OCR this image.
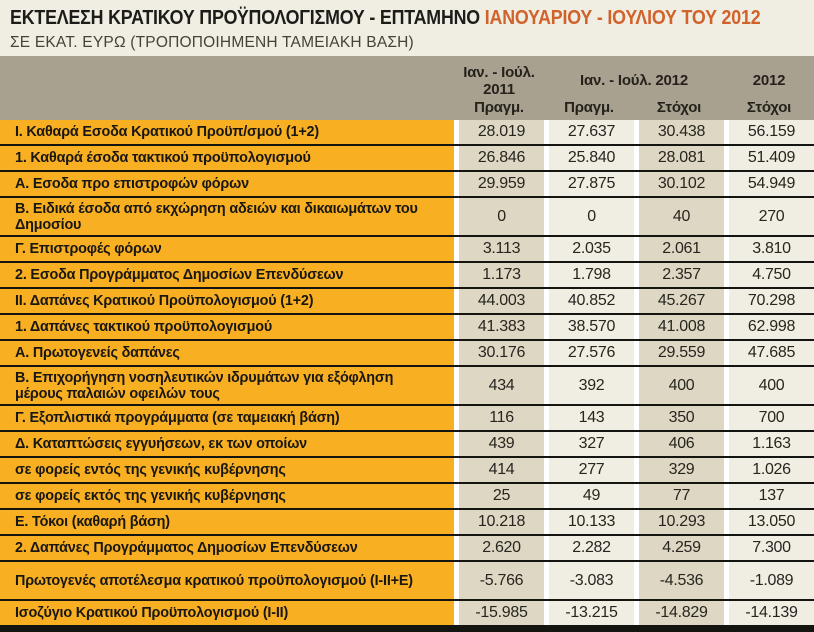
ΕΚΤΕΛΕΣΗ ΚΡΑΤΙΚΟΥ ΠΡΟΫΠΟΛΟΓΙΣΜΟΥ - ΕΠΤΑΜΗΝΟ ΙΑΝΟΥΑΡΙΟΥ - ΙΟΥΛΙΟΥ ΤΟΥ 2012
ΣΕ ΕΚΑΤ. ΕΥΡΩ (ΤΡΟΠΟΠΟΙΗΜΕΝΗ ΤΑΜΕΙΑΚΗ ΒΑΣΗ)
Ιαν. - Ιούλ. 2011	Ιαν. - Ιούλ. 2012	2012
Πραγμ.	Πραγμ.	Στόχοι	Στόχοι
Ι. Καθαρά Εσοδα Κρατικού Προϋπ/σμού (1+2)	28.019	27.637	30.438	56.159
1. Καθαρά έσοδα τακτικού προϋπολογισμού	26.846	25.840	28.081	51.409
Α. Εσοδα προ επιστροφών φόρων	29.959	27.875	30.102	54.949
Β. Ειδικά έσοδα από εκχώρηση αδειών και δικαιωμάτων του Δημοσίου	0	0	40	270
Γ. Επιστροφές φόρων	3.113	2.035	2.061	3.810
2. Εσοδα Προγράμματος Δημοσίων Επενδύσεων	1.173	1.798	2.357	4.750
ΙΙ. Δαπάνες Κρατικού Προϋπολογισμού (1+2)	44.003	40.852	45.267	70.298
1. Δαπάνες τακτικού προϋπολογισμού	41.383	38.570	41.008	62.998
Α. Πρωτογενείς δαπάνες	30.176	27.576	29.559	47.685
Β. Επιχορήγηση νοσηλευτικών ιδρυμάτων για εξόφληση μέρους παλαιών οφειλών τους	434	392	400	400
Γ. Εξοπλιστικά προγράμματα (σε ταμειακή βάση)	116	143	350	700
Δ. Καταπτώσεις εγγυήσεων, εκ των οποίων	439	327	406	1.163
σε φορείς εντός της γενικής κυβέρνησης	414	277	329	1.026
σε φορείς εκτός της γενικής κυβέρνησης	25	49	77	137
Ε. Τόκοι (καθαρή βάση)	10.218	10.133	10.293	13.050
2. Δαπάνες Προγράμματος Δημοσίων Επενδύσεων	2.620	2.282	4.259	7.300
Πρωτογενές αποτέλεσμα κρατικού προϋπολογισμού (Ι-ΙΙ+Ε)	-5.766	-3.083	-4.536	-1.089
Ισοζύγιο Κρατικού Προϋπολογισμού (Ι-ΙΙ)	-15.985	-13.215	-14.829	-14.139
